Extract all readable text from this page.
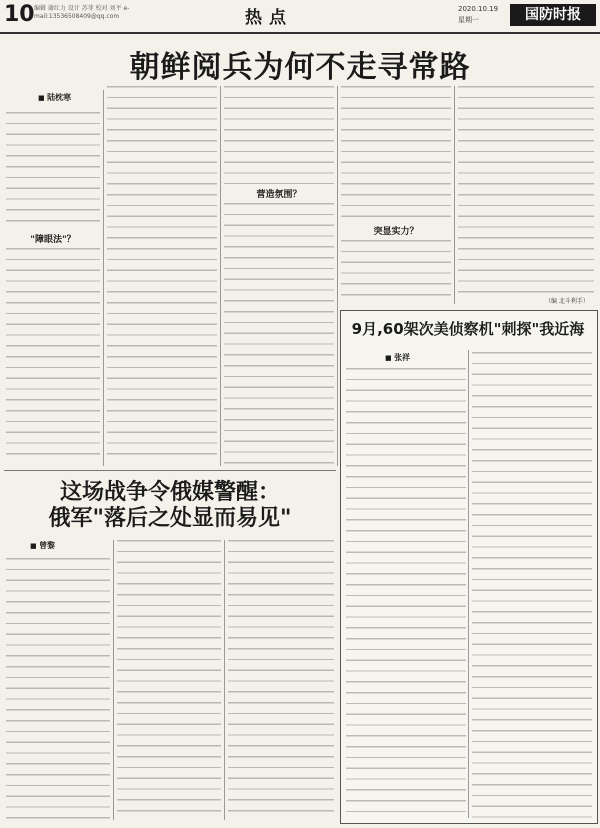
10 编辑 谢红力 设计 苏菲 校对 刘平 e-mail:13536508409@qq.com	热点	2020.10.19
星期一	国防时报
朝鲜阅兵为何不走寻常路
■ 陆枕寒
"障眼法"？
营造氛围？
突显实力？
（编 北斗利手）
9月,60架次美侦察机"刺探"我近海
■ 张祥
这场战争令俄媒警醒：
俄军"落后之处显而易见"
■ 曾黎
